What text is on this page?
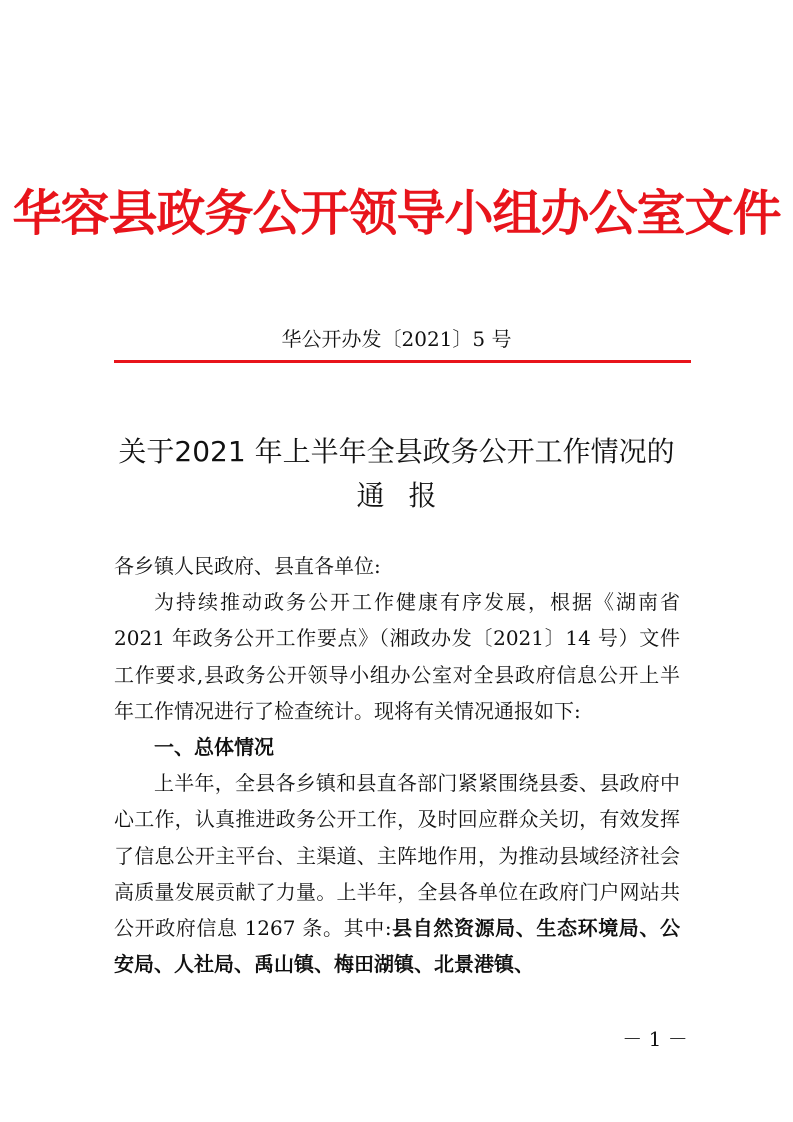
华容县政务公开领导小组办公室文件
华公开办发〔2021〕5 号
关于2021 年上半年全县政务公开工作情况的
通报

各乡镇人民政府、县直各单位:

为持续推动政务公开工作健康有序发展，根据《湖南省2021 年政务公开工作要点》（湘政办发〔2021〕14 号）文件工作要求,县政务公开领导小组办公室对全县政府信息公开上半年工作情况进行了检查统计。现将有关情况通报如下:

一、总体情况

上半年，全县各乡镇和县直各部门紧紧围绕县委、县政府中心工作，认真推进政务公开工作，及时回应群众关切，有效发挥了信息公开主平台、主渠道、主阵地作用，为推动县域经济社会高质量发展贡献了力量。上半年，全县各单位在政府门户网站共公开政府信息 1267 条。其中:县自然资源局、生态环境局、公安局、人社局、禹山镇、梅田湖镇、北景港镇、

－ 1 －
